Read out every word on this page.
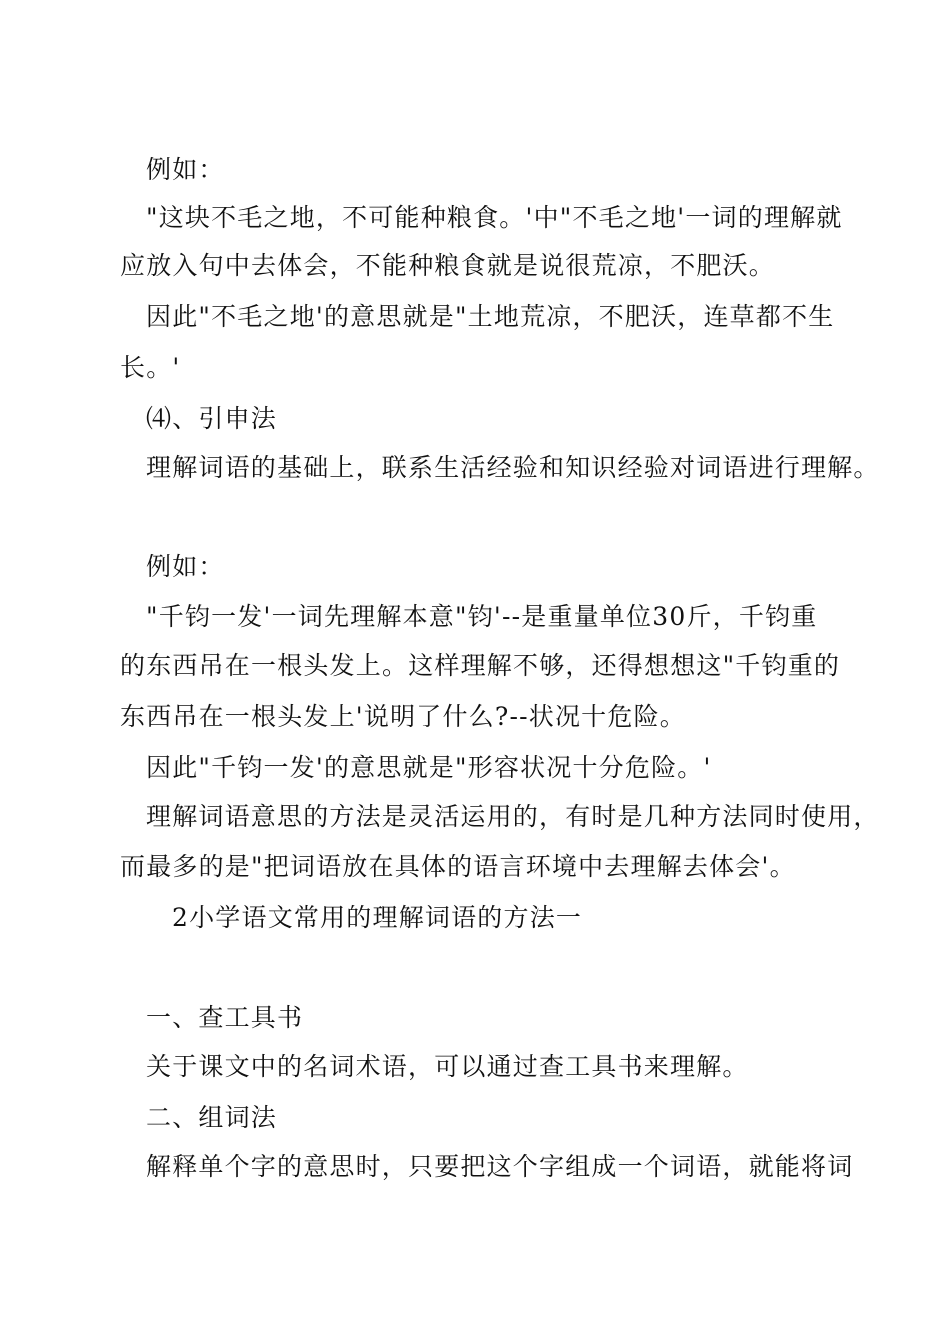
例如：
"这块不毛之地，不可能种粮食。'中"不毛之地'一词的理解就
应放入句中去体会，不能种粮食就是说很荒凉，不肥沃。
因此"不毛之地'的意思就是"土地荒凉，不肥沃，连草都不生
长。'
⑷、引申法
理解词语的基础上，联系生活经验和知识经验对词语进行理解。
例如：
"千钧一发'一词先理解本意"钧'--是重量单位30斤，千钧重
的东西吊在一根头发上。这样理解不够，还得想想这"千钧重的
东西吊在一根头发上'说明了什么?--状况十危险。
因此"千钧一发'的意思就是"形容状况十分危险。'
理解词语意思的方法是灵活运用的，有时是几种方法同时使用，
而最多的是"把词语放在具体的语言环境中去理解去体会'。
2小学语文常用的理解词语的方法一
一、查工具书
关于课文中的名词术语，可以通过查工具书来理解。
二、组词法
解释单个字的意思时，只要把这个字组成一个词语，就能将词
